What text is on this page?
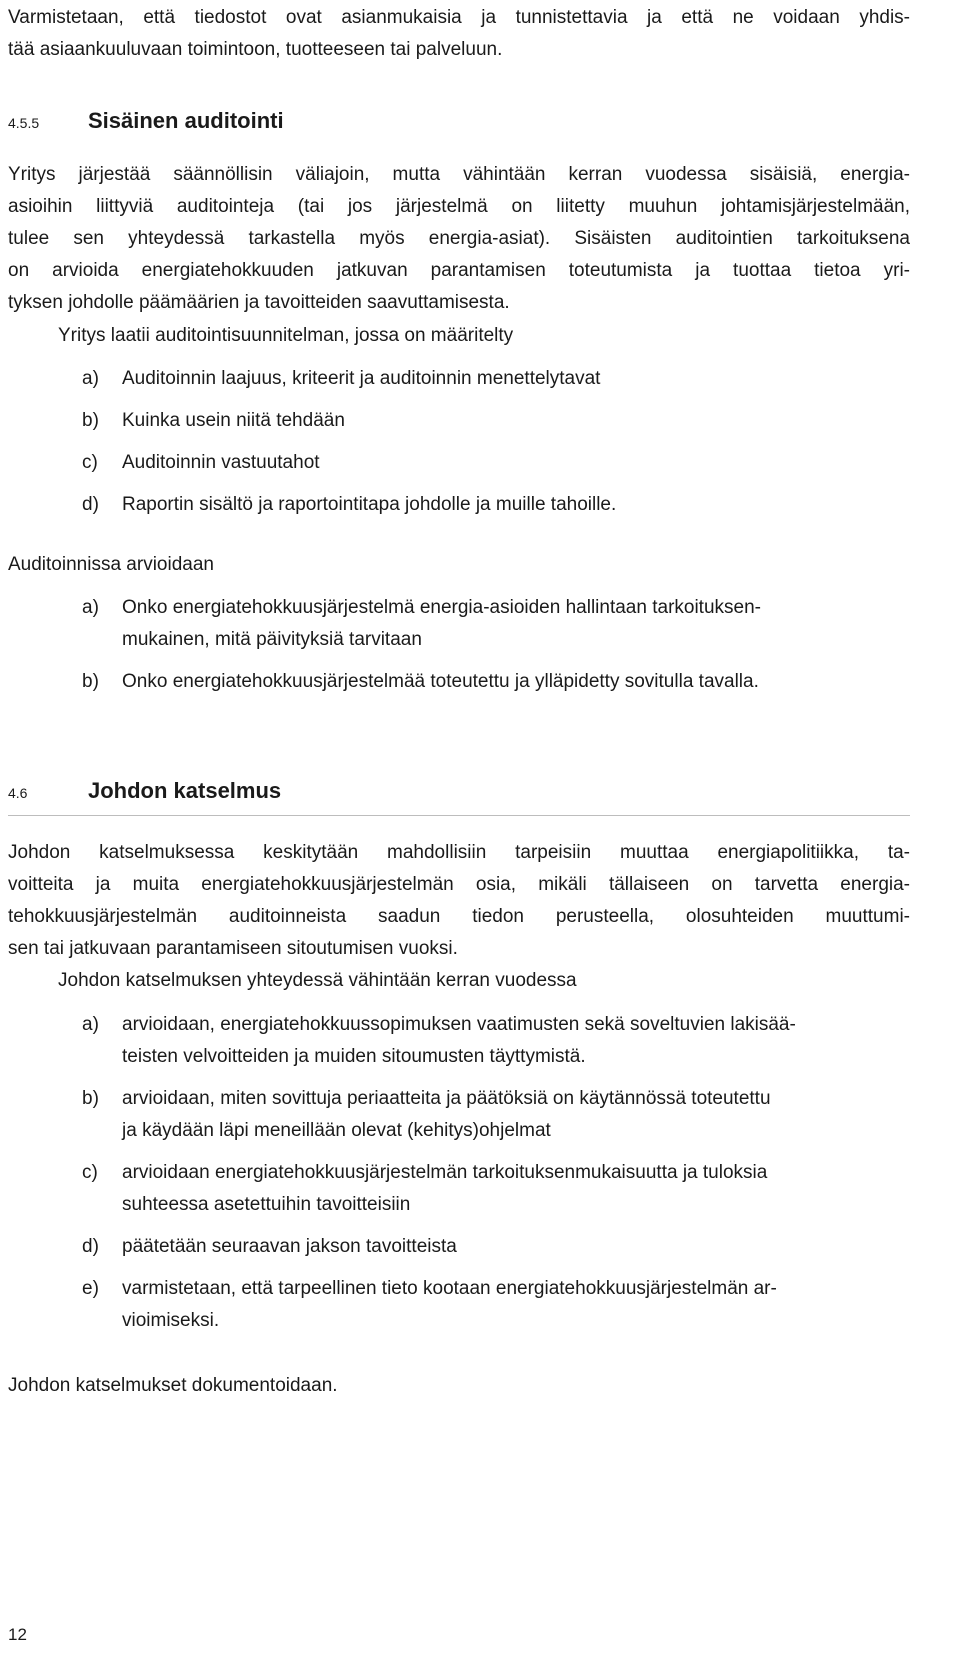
Varmistetaan, että tiedostot ovat asianmukaisia ja tunnistettavia ja että ne voidaan yhdis-
tää asiaankuuluvaan toimintoon, tuotteeseen tai palveluun.

4.5.5	Sisäinen auditointi

Yritys järjestää säännöllisin väliajoin, mutta vähintään kerran vuodessa sisäisiä, energia-
asioihin liittyviä auditointeja (tai jos järjestelmä on liitetty muuhun johtamisjärjestelmään,
tulee sen yhteydessä tarkastella myös energia-asiat). Sisäisten auditointien tarkoituksena
on arvioida energiatehokkuuden jatkuvan parantamisen toteutumista ja tuottaa tietoa yri-
tyksen johdolle päämäärien ja tavoitteiden saavuttamisesta.

Yritys laatii auditointisuunnitelman, jossa on määritelty

a)	Auditoinnin laajuus, kriteerit ja auditoinnin menettelytavat
b)	Kuinka usein niitä tehdään
c)	Auditoinnin vastuutahot
d)	Raportin sisältö ja raportointitapa johdolle ja muille tahoille.

Auditoinnissa arvioidaan

a)	Onko energiatehokkuusjärjestelmä energia-asioiden hallintaan tarkoituksen-
mukainen, mitä päivityksiä tarvitaan
b)	Onko energiatehokkuusjärjestelmää toteutettu ja ylläpidetty sovitulla tavalla.
4.6	Johdon katselmus

Johdon katselmuksessa keskitytään mahdollisiin tarpeisiin muuttaa energiapolitiikka, ta-
voitteita ja muita energiatehokkuusjärjestelmän osia, mikäli tällaiseen on tarvetta energia-
tehokkuusjärjestelmän auditoinneista saadun tiedon perusteella, olosuhteiden muuttumi-
sen tai jatkuvaan parantamiseen sitoutumisen vuoksi.

Johdon katselmuksen yhteydessä vähintään kerran vuodessa

a)	arvioidaan, energiatehokkuussopimuksen vaatimusten sekä soveltuvien lakisää-
teisten velvoitteiden ja muiden sitoumusten täyttymistä.
b)	arvioidaan, miten sovittuja periaatteita ja päätöksiä on käytännössä toteutettu
ja käydään läpi meneillään olevat (kehitys)ohjelmat
c)	arvioidaan energiatehokkuusjärjestelmän tarkoituksenmukaisuutta ja tuloksia
suhteessa asetettuihin tavoitteisiin
d)	päätetään seuraavan jakson tavoitteista
e)	varmistetaan, että tarpeellinen tieto kootaan energiatehokkuusjärjestelmän ar-
vioimiseksi.

Johdon katselmukset dokumentoidaan.

12
